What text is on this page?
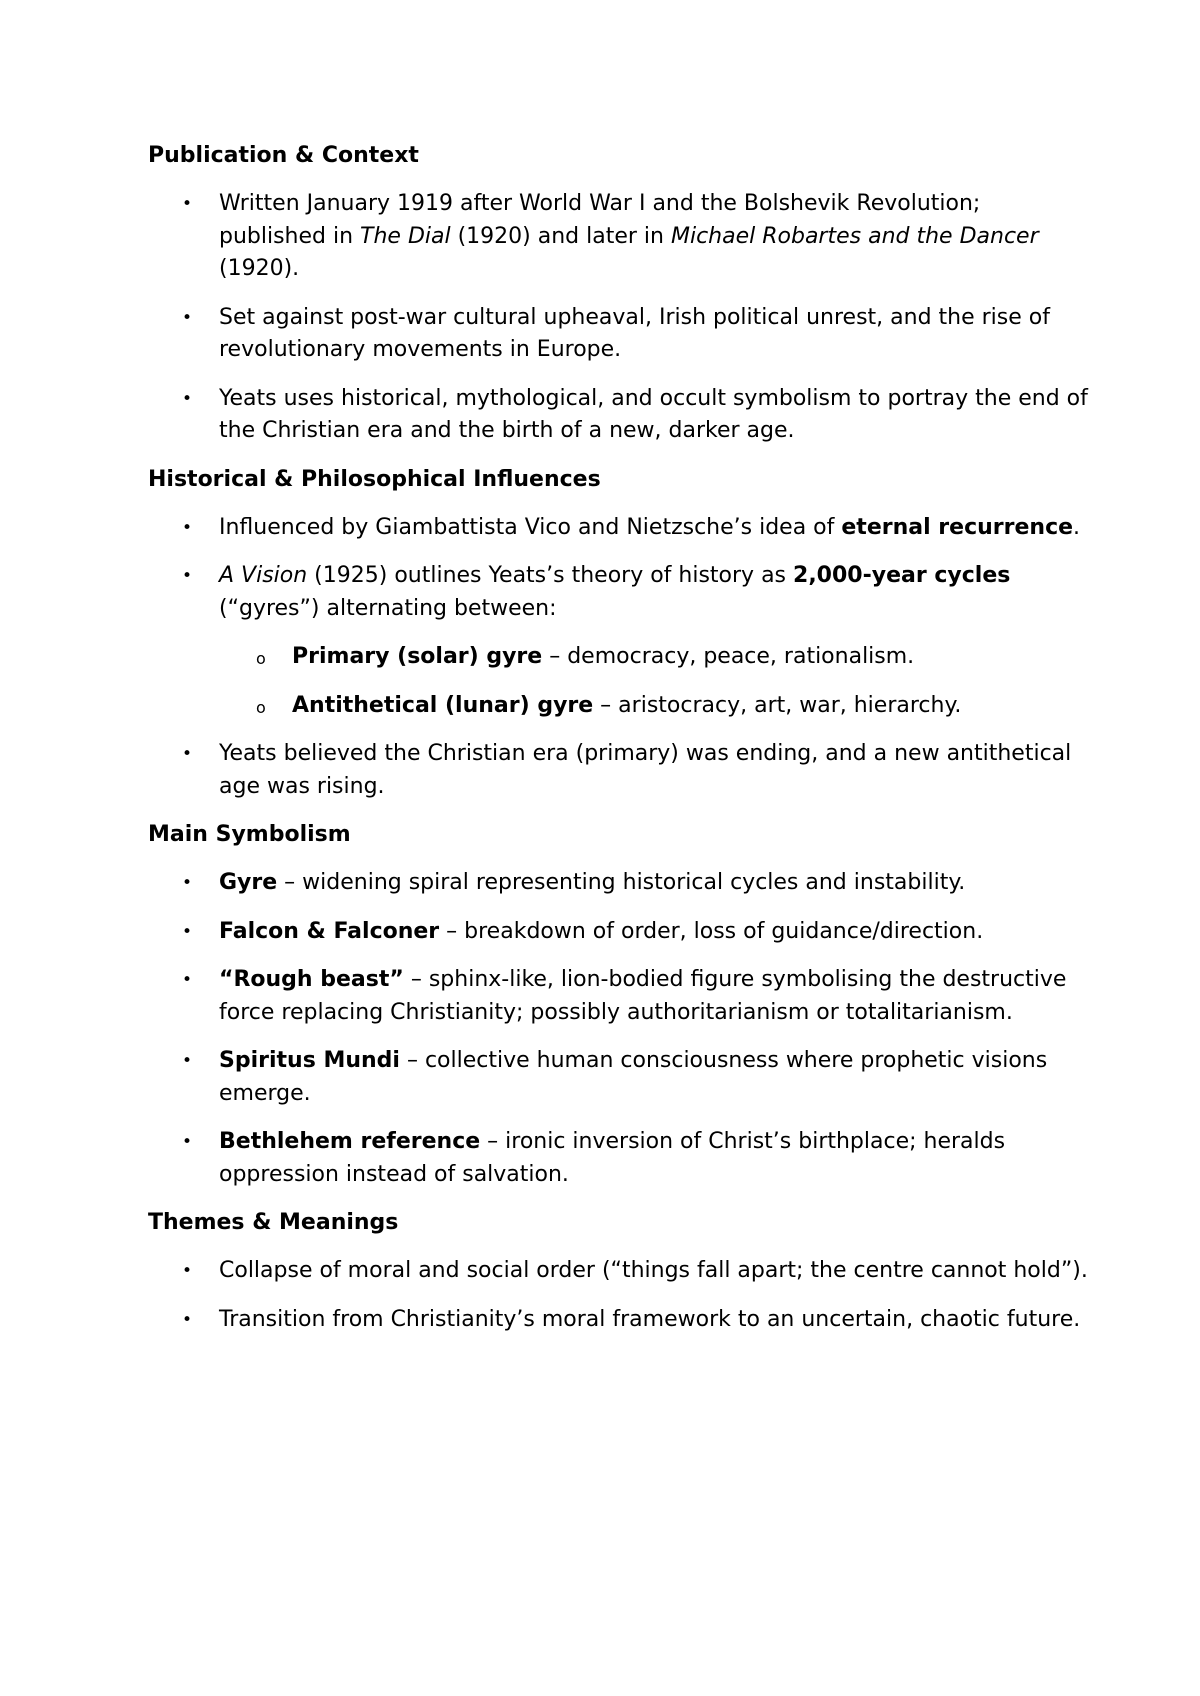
Publication & Context
• Written January 1919 after World War I and the Bolshevik Revolution; published in The Dial (1920) and later in Michael Robartes and the Dancer (1920).
• Set against post-war cultural upheaval, Irish political unrest, and the rise of revolutionary movements in Europe.
• Yeats uses historical, mythological, and occult symbolism to portray the end of the Christian era and the birth of a new, darker age.
Historical & Philosophical Influences
• Influenced by Giambattista Vico and Nietzsche’s idea of eternal recurrence.
• A Vision (1925) outlines Yeats’s theory of history as 2,000-year cycles (“gyres”) alternating between:
o Primary (solar) gyre – democracy, peace, rationalism.
o Antithetical (lunar) gyre – aristocracy, art, war, hierarchy.
• Yeats believed the Christian era (primary) was ending, and a new antithetical age was rising.
Main Symbolism
• Gyre – widening spiral representing historical cycles and instability.
• Falcon & Falconer – breakdown of order, loss of guidance/direction.
• “Rough beast” – sphinx-like, lion-bodied figure symbolising the destructive force replacing Christianity; possibly authoritarianism or totalitarianism.
• Spiritus Mundi – collective human consciousness where prophetic visions emerge.
• Bethlehem reference – ironic inversion of Christ’s birthplace; heralds oppression instead of salvation.
Themes & Meanings
• Collapse of moral and social order (“things fall apart; the centre cannot hold”).
• Transition from Christianity’s moral framework to an uncertain, chaotic future.
